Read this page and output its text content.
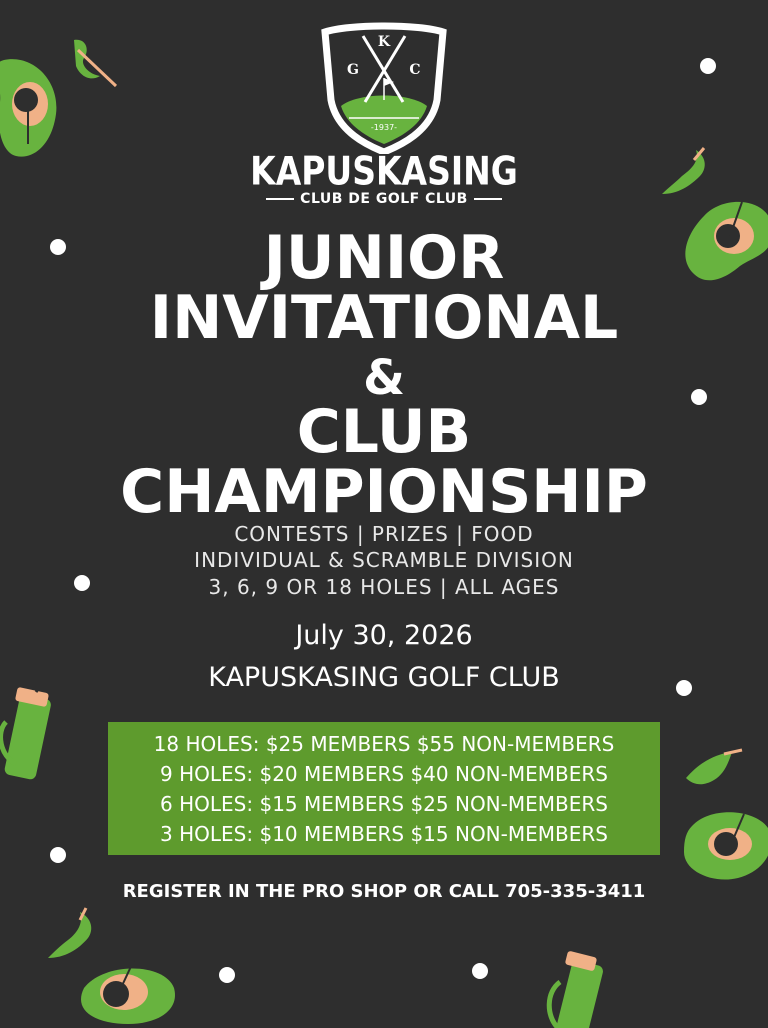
K
G	C
-1937-
KAPUSKASING
CLUB DE GOLF CLUB
JUNIOR
INVITATIONAL
&
CLUB
CHAMPIONSHIP
CONTESTS | PRIZES | FOOD
INDIVIDUAL & SCRAMBLE DIVISION
3, 6, 9 OR 18 HOLES | ALL AGES
July 30, 2026
KAPUSKASING GOLF CLUB
18 HOLES: $25 MEMBERS $55 NON-MEMBERS
9 HOLES: $20 MEMBERS $40 NON-MEMBERS
6 HOLES: $15 MEMBERS $25 NON-MEMBERS
3 HOLES: $10 MEMBERS $15 NON-MEMBERS
REGISTER IN THE PRO SHOP OR CALL 705-335-3411
